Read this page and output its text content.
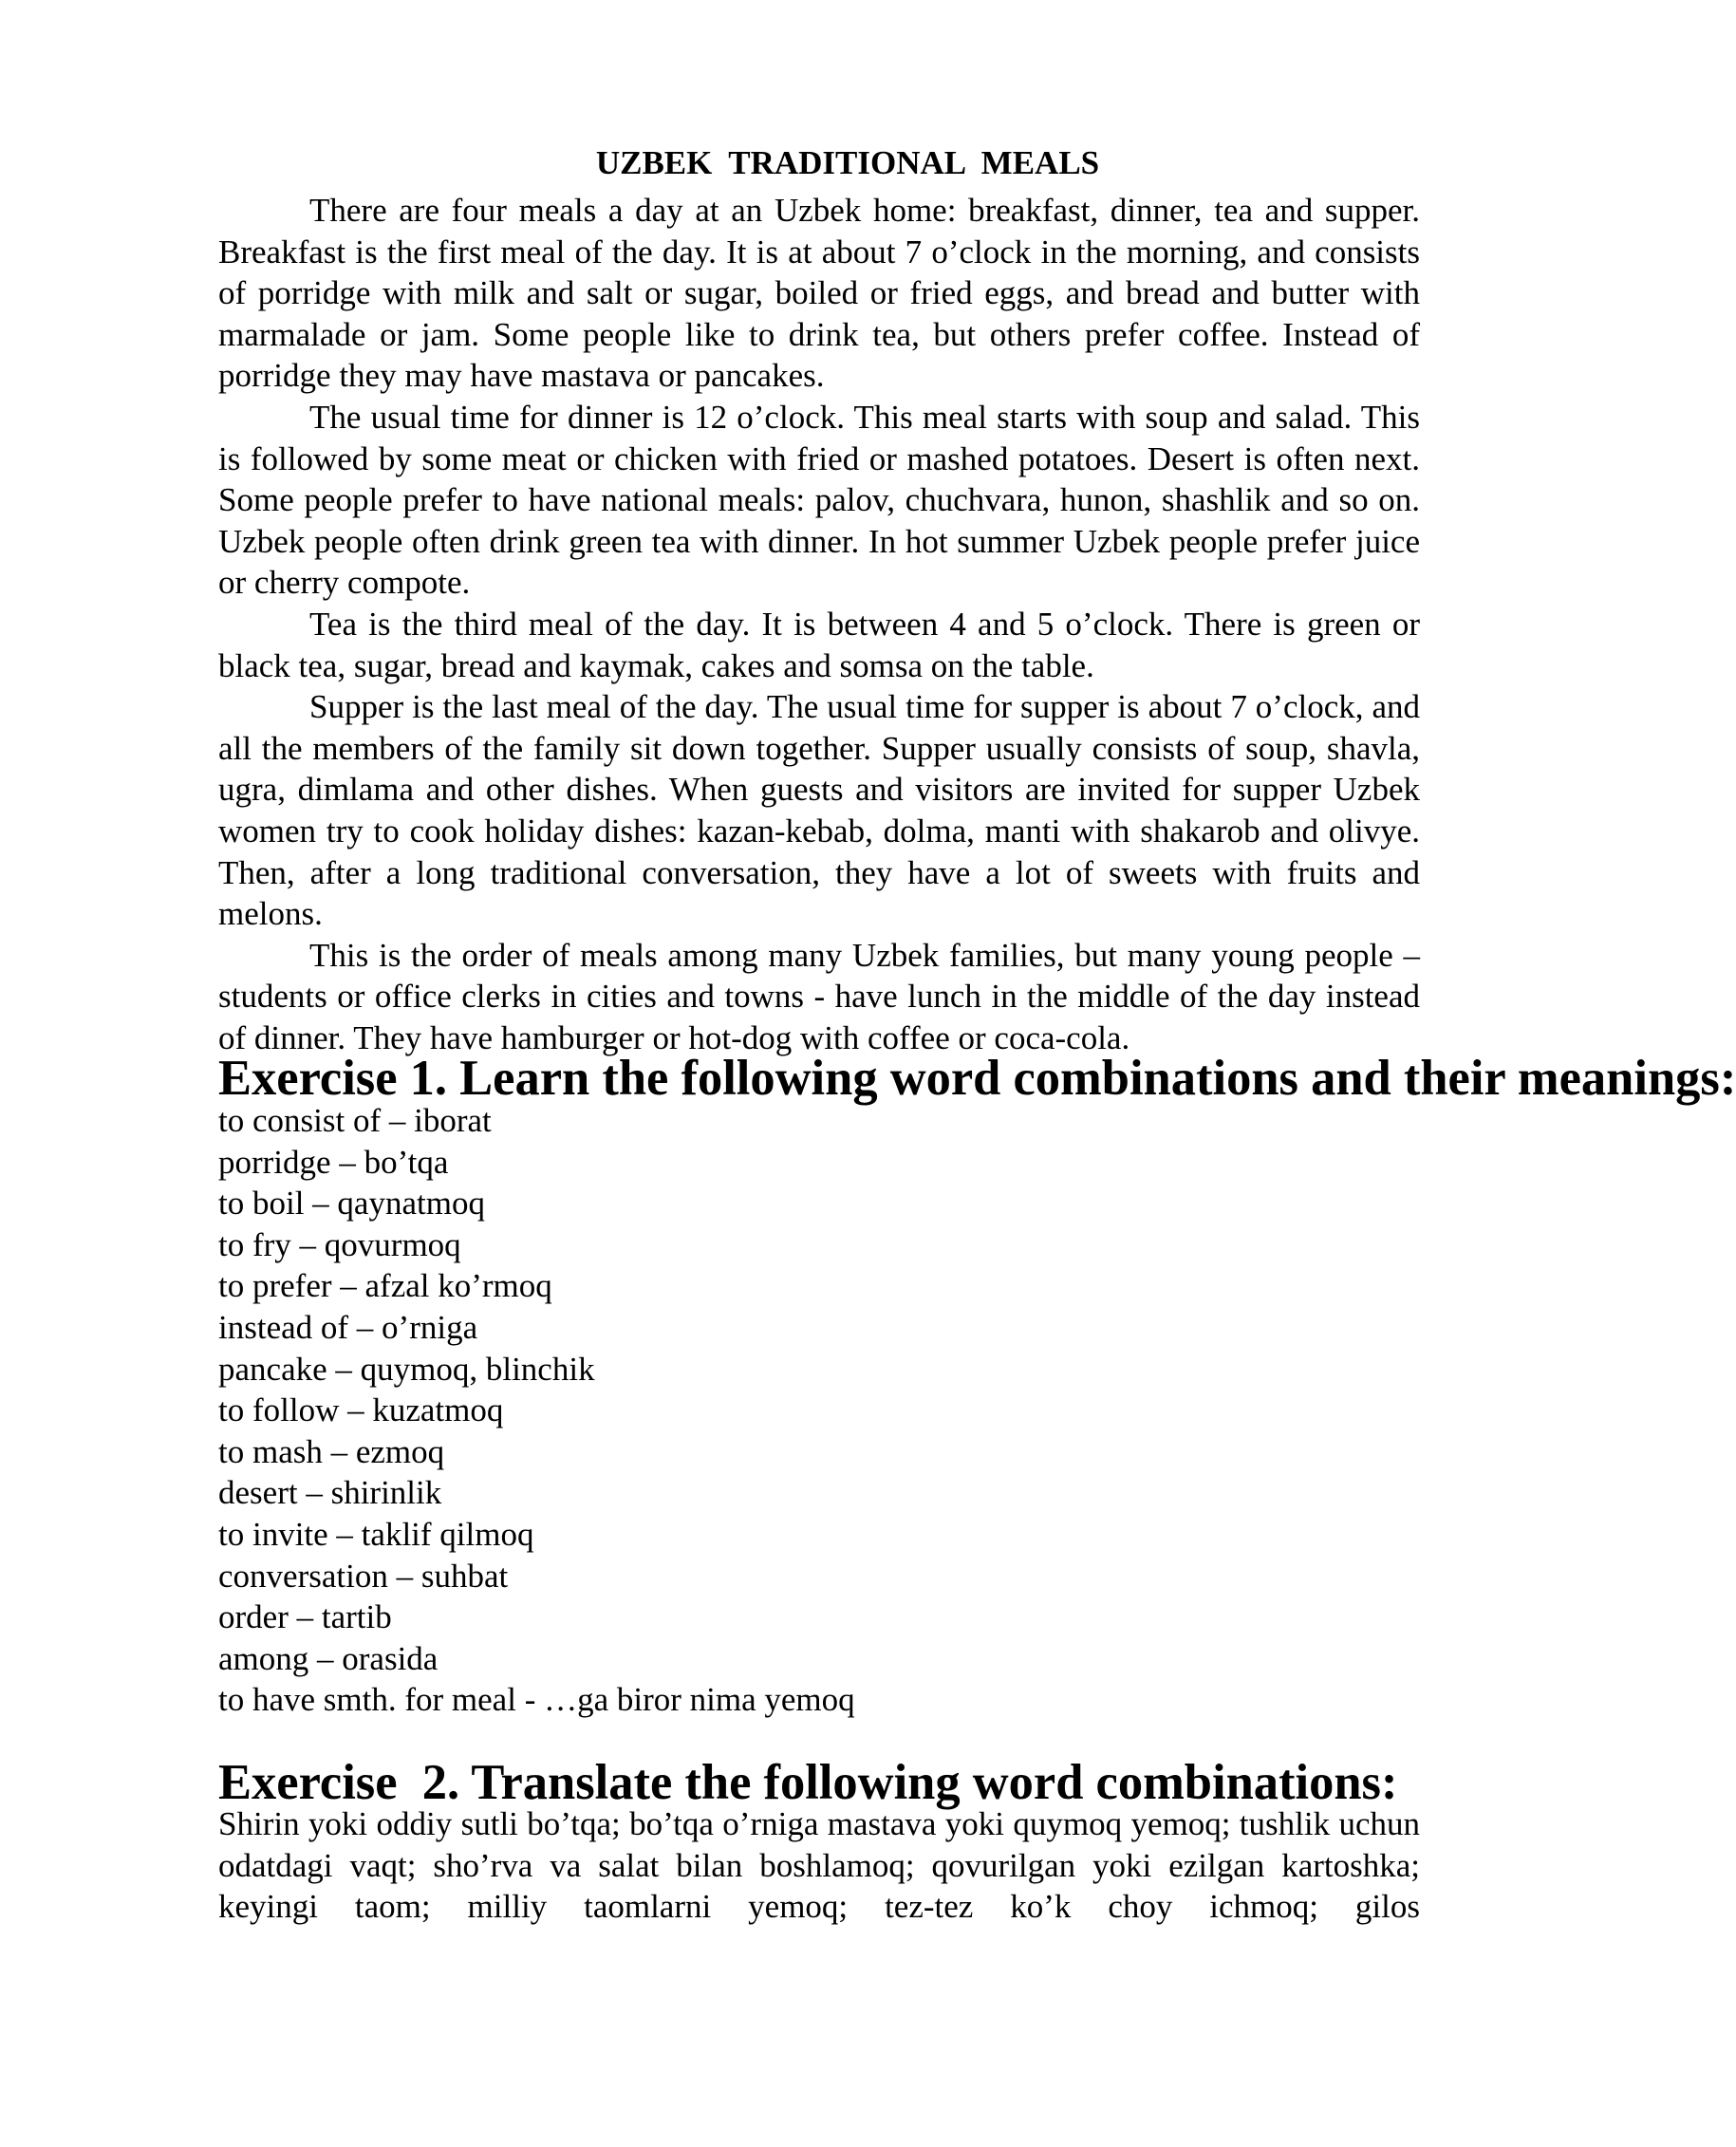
UZBEK  TRADITIONAL  MEALS

There are four meals a day at an Uzbek home: breakfast, dinner, tea and supper. Breakfast is the first meal of the day. It is at about 7 o’clock in the morning, and consists of porridge with milk and salt or sugar, boiled or fried eggs, and bread and butter with marmalade or jam. Some people like to drink tea, but others prefer coffee. Instead of porridge they may have mastava or pancakes.

The usual time for dinner is 12 o’clock. This meal starts with soup and salad. This is followed by some meat or chicken with fried or mashed potatoes. Desert is often next. Some people prefer to have national meals: palov, chuchvara, hunon, shashlik and so on. Uzbek people often drink green tea with dinner. In hot summer Uzbek people prefer juice or cherry compote.

Tea is the third meal of the day. It is between 4 and 5 o’clock. There is green or black tea, sugar, bread and kaymak, cakes and somsa on the table.

Supper is the last meal of the day. The usual time for supper is about 7 o’clock, and all the members of the family sit down together. Supper usually consists of soup, shavla, ugra, dimlama and other dishes. When guests and visitors are invited for supper Uzbek women try to cook holiday dishes: kazan-kebab, dolma, manti with shakarob and olivye. Then, after a long traditional conversation, they have a lot of sweets with fruits and melons.

This is the order of meals among many Uzbek families, but many young people – students or office clerks in cities and towns - have lunch in the middle of the day instead of dinner. They have hamburger or hot-dog with coffee or coca-cola.

Exercise 1. Learn the following word combinations and their meanings:
to consist of – iborat
porridge – bo’tqa
to boil – qaynatmoq
to fry – qovurmoq
to prefer – afzal ko’rmoq
instead of – o’rniga
pancake – quymoq, blinchik
to follow – kuzatmoq
to mash – ezmoq
desert – shirinlik
to invite – taklif qilmoq
conversation – suhbat
order – tartib
among – orasida
to have smth. for meal - …ga biror nima yemoq
Exercise  2. Translate the following word combinations:

Shirin yoki oddiy sutli bo’tqa; bo’tqa o’rniga mastava yoki quymoq yemoq; tushlik uchun odatdagi vaqt; sho’rva va salat bilan boshlamoq; qovurilgan yoki ezilgan kartoshka; keyingi taom; milliy taomlarni yemoq; tez-tez ko’k choy ichmoq; gilos
